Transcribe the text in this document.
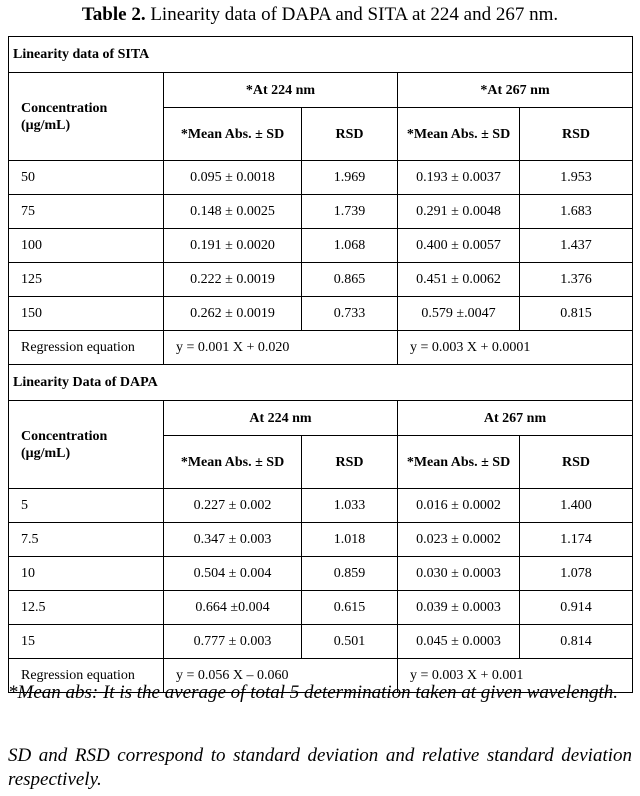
Table 2. Linearity data of DAPA and SITA at 224 and 267 nm.
Linearity data of SITA				
Concentration (μg/mL)	*At 224 nm		*At 267 nm	
	*Mean Abs. ± SD	RSD	*Mean Abs. ± SD	RSD
50	0.095 ± 0.0018	1.969	0.193 ± 0.0037	1.953
75	0.148 ± 0.0025	1.739	0.291 ± 0.0048	1.683
100	0.191 ± 0.0020	1.068	0.400 ± 0.0057	1.437
125	0.222 ± 0.0019	0.865	0.451 ± 0.0062	1.376
150	0.262 ± 0.0019	0.733	0.579 ±.0047	0.815
Regression equation	y = 0.001 X + 0.020		y = 0.003 X + 0.0001	
Linearity Data of DAPA				
Concentration (μg/mL)	At 224 nm		At 267 nm	
	*Mean Abs. ± SD	RSD	*Mean Abs. ± SD	RSD
5	0.227 ± 0.002	1.033	0.016 ± 0.0002	1.400
7.5	0.347 ± 0.003	1.018	0.023 ± 0.0002	1.174
10	0.504 ± 0.004	0.859	0.030 ± 0.0003	1.078
12.5	0.664 ±0.004	0.615	0.039 ± 0.0003	0.914
15	0.777 ± 0.003	0.501	0.045 ± 0.0003	0.814
Regression equation	y = 0.056 X – 0.060		y = 0.003 X + 0.001	
*Mean abs: It is the average of total 5 determination taken at given wavelength.
SD and RSD correspond to standard deviation and relative standard deviation respectively.
